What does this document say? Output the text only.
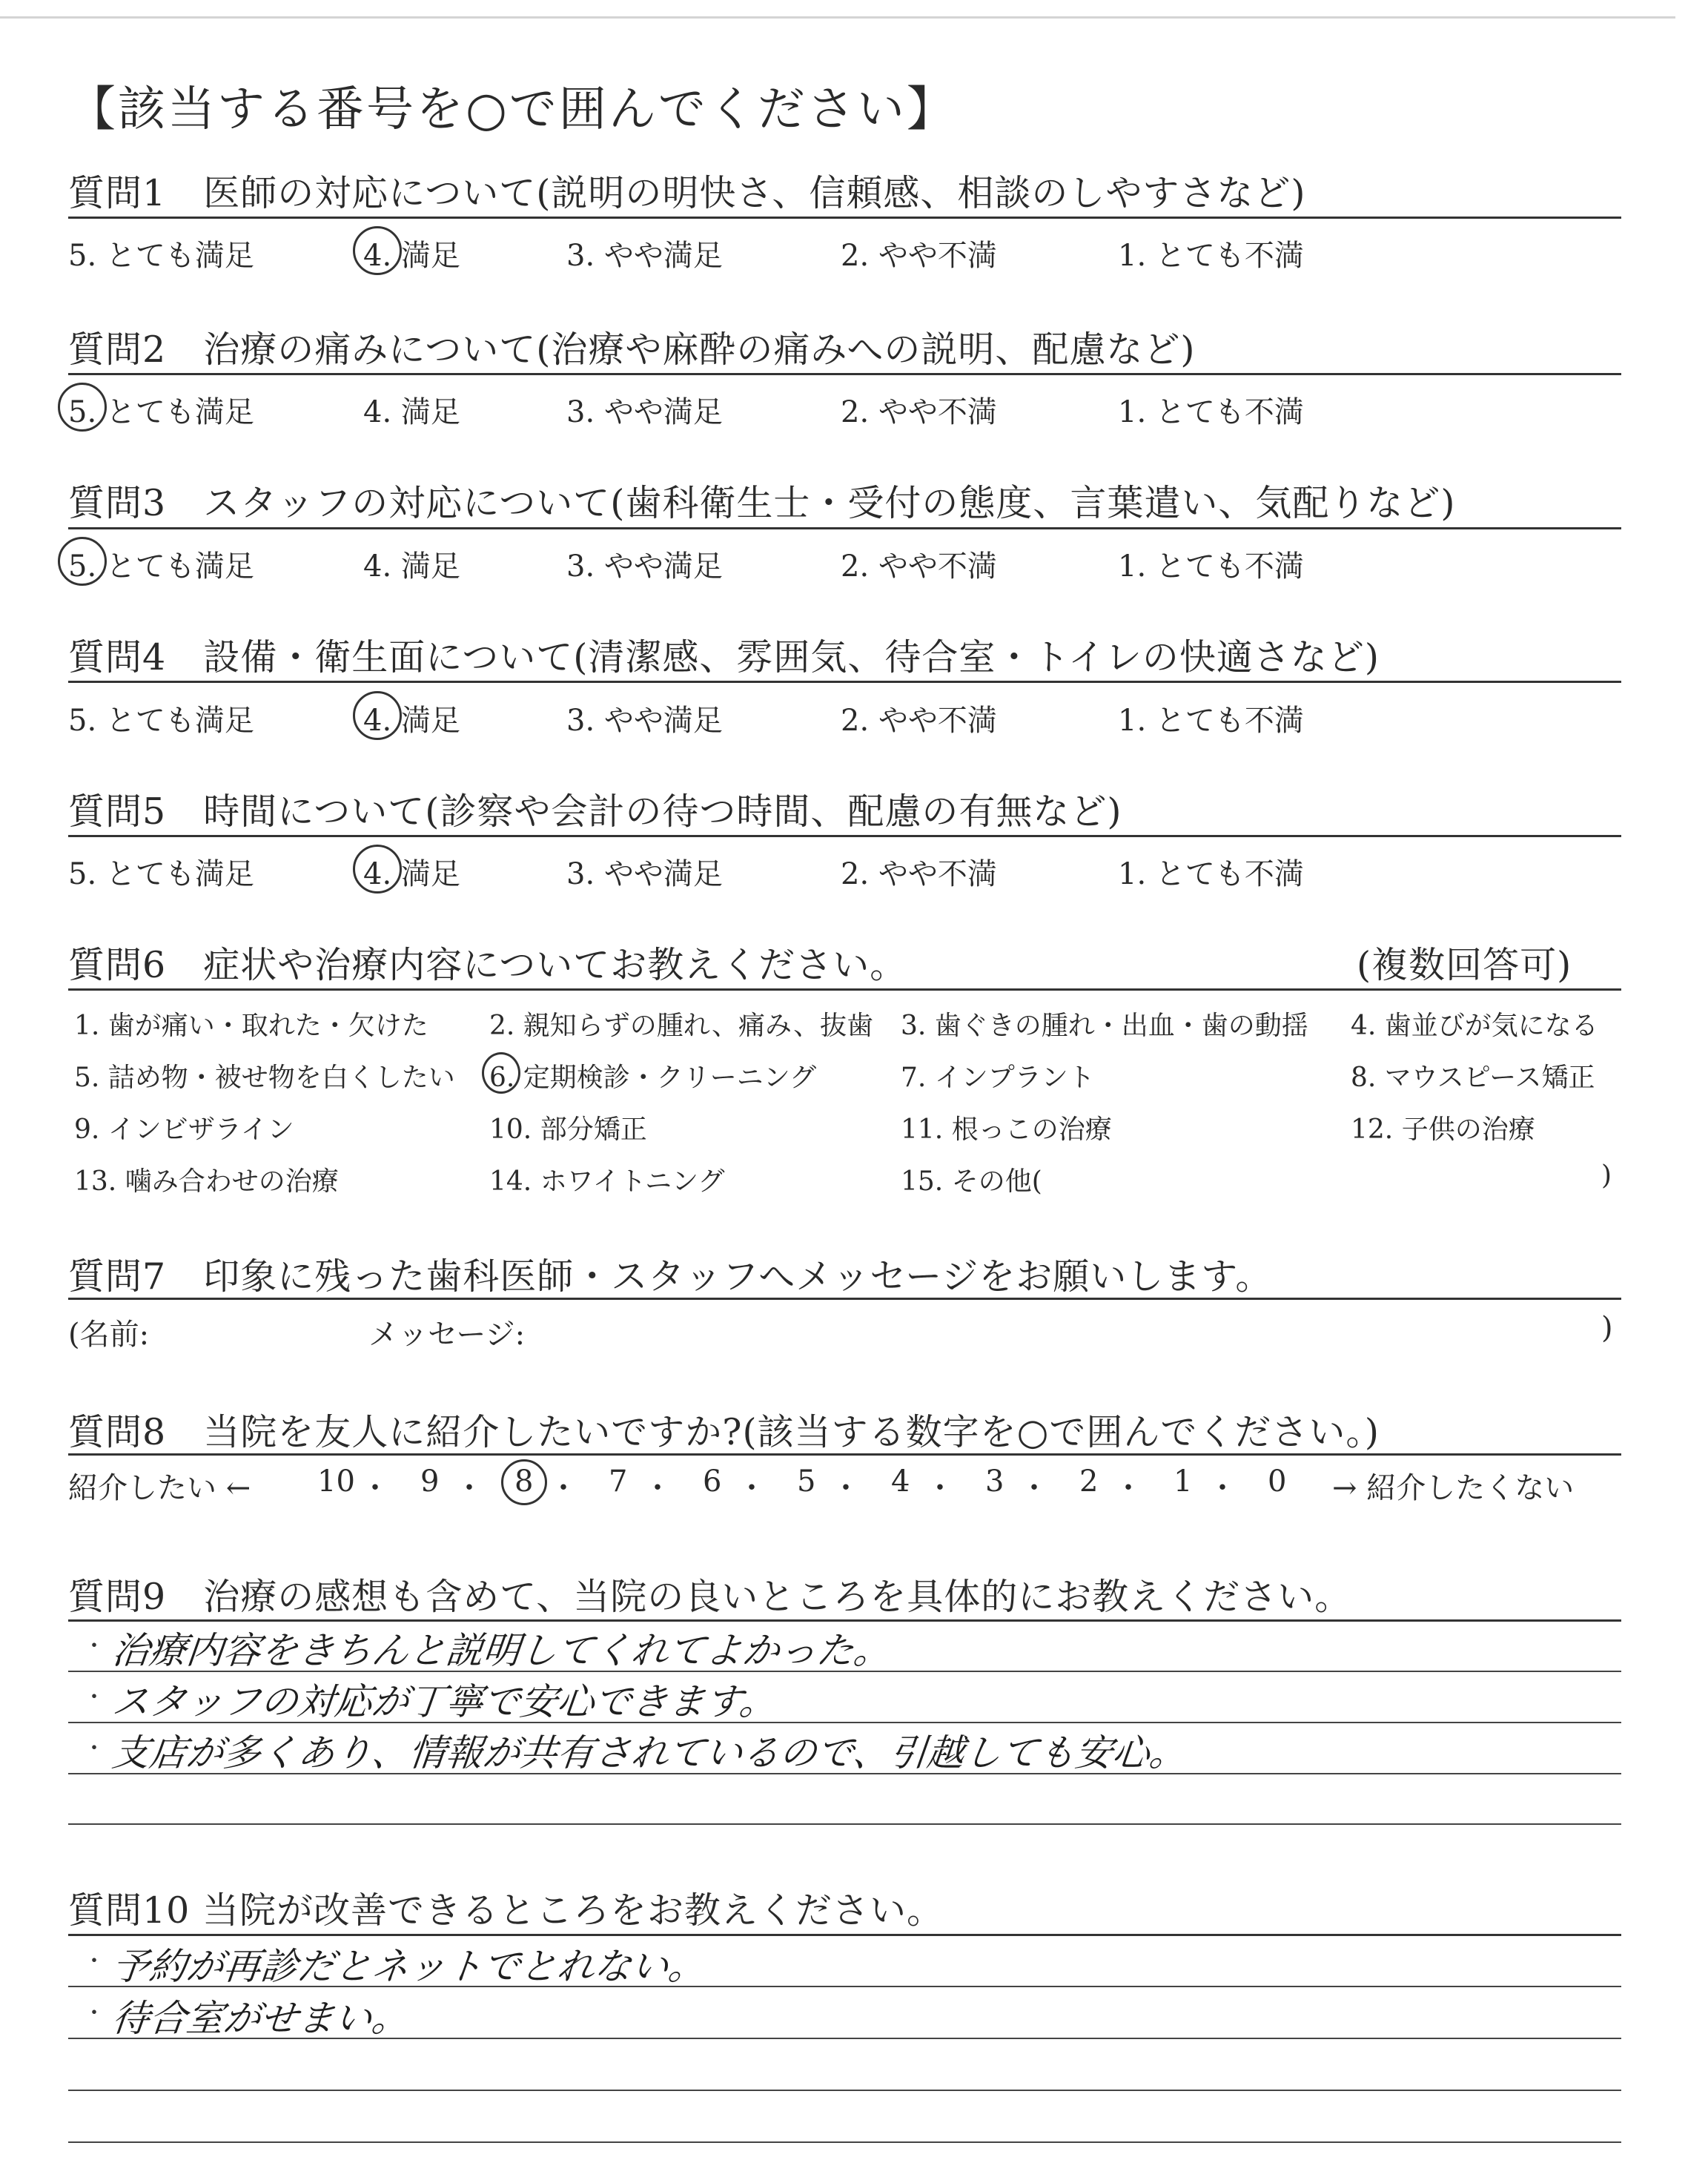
【該当する番号を○で囲んでください】
質問1　 医師の対応について(説明の明快さ、信頼感、相談のしやすさなど)
5. とても満足	4. 満足	3. やや満足	2. やや不満	1. とても不満
質問2　 治療の痛みについて(治療や麻酔の痛みへの説明、配慮など)
5. とても満足	4. 満足	3. やや満足	2. やや不満	1. とても不満
質問3　 スタッフの対応について(歯科衛生士・受付の態度、言葉遣い、気配りなど)
5. とても満足	4. 満足	3. やや満足	2. やや不満	1. とても不満
質問4　 設備・衛生面について(清潔感、雰囲気、待合室・トイレの快適さなど)
5. とても満足	4. 満足	3. やや満足	2. やや不満	1. とても不満
質問5　 時間について(診察や会計の待つ時間、配慮の有無など)
5. とても満足	4. 満足	3. やや満足	2. やや不満	1. とても不満
質問6　 症状や治療内容についてお教えください。	(複数回答可)
1. 歯が痛い・取れた・欠けた 2. 親知らずの腫れ、痛み、抜歯 3. 歯ぐきの腫れ・出血・歯の動揺 4. 歯並びが気になる
5. 詰め物・被せ物を白くしたい 6. 定期検診・クリーニング	7. インプラント	8. マウスピース矯正
9. インビザライン	10. 部分矯正	11. 根っこの治療	12. 子供の治療
13. 噛み合わせの治療	14. ホワイトニング	15. その他(	)
質問7　 印象に残った歯科医師・スタッフへメッセージをお願いします。
(名前:	メッセージ:	)
質問8　 当院を友人に紹介したいですか?(該当する数字を○で囲んでください。)
紹介したい ←	→ 紹介したくない
10 ・ 9 ・ 8 ・ 7 ・ 6 ・ 5 ・ 4 ・ 3 ・ 2 ・ 1 ・ 0
質問9　 治療の感想も含めて、当院の良いところを具体的にお教えください。
・ 治療内容をきちんと説明してくれてよかった。
・ スタッフの対応が丁寧で安心できます。
・ 支店が多くあり、情報が共有されているので、引越しても安心。
質問10 当院が改善できるところをお教えください。
・ 予約が再診だとネットでとれない。
・ 待合室がせまい。
